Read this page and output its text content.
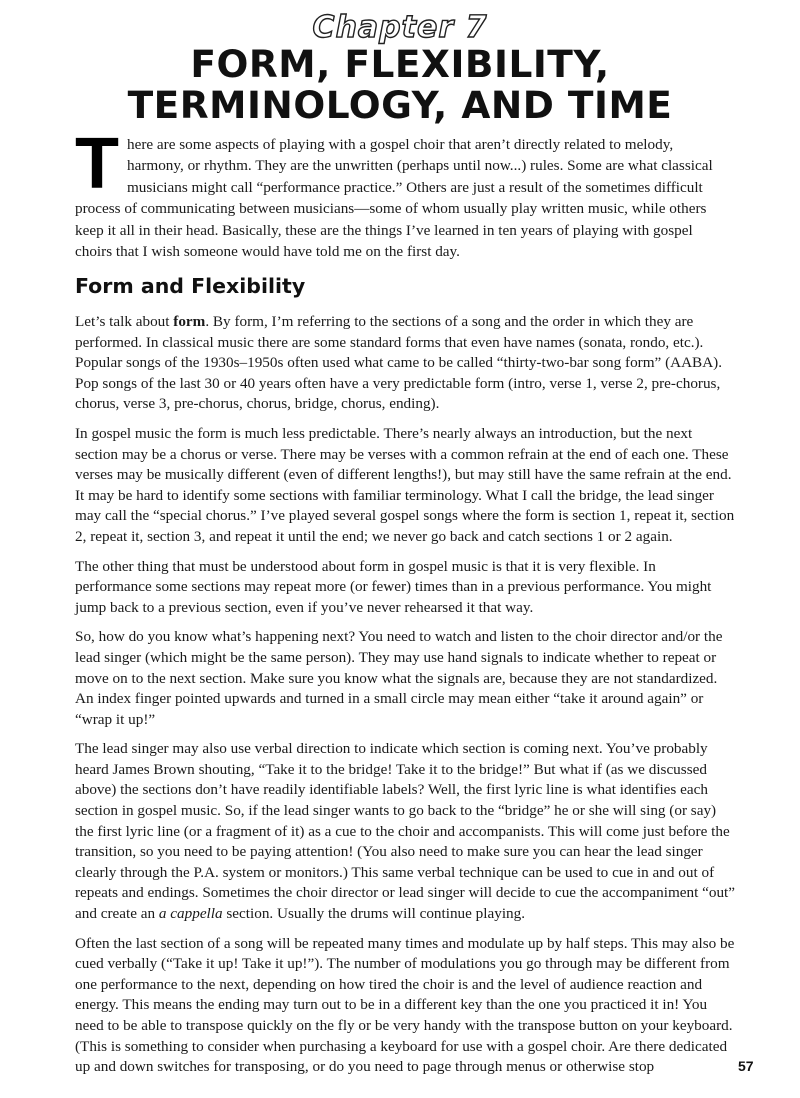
Chapter 7
FORM, FLEXIBILITY,
TERMINOLOGY, AND TIME
There are some aspects of playing with a gospel choir that aren’t directly related to melody, harmony, or rhythm. They are the unwritten (perhaps until now...) rules. Some are what classical musicians might call “performance practice.” Others are just a result of the sometimes difficult process of communicating between musicians—some of whom usually play written music, while others keep it all in their head. Basically, these are the things I’ve learned in ten years of playing with gospel choirs that I wish someone would have told me on the first day.
Form and Flexibility

Let’s talk about form. By form, I’m referring to the sections of a song and the order in which they are performed. In classical music there are some standard forms that even have names (sonata, rondo, etc.). Popular songs of the 1930s–1950s often used what came to be called “thirty-two-bar song form” (AABA). Pop songs of the last 30 or 40 years often have a very predictable form (intro, verse 1, verse 2, pre-chorus, chorus, verse 3, pre-chorus, chorus, bridge, chorus, ending).

In gospel music the form is much less predictable. There’s nearly always an introduction, but the next section may be a chorus or verse. There may be verses with a common refrain at the end of each one. These verses may be musically different (even of different lengths!), but may still have the same refrain at the end. It may be hard to identify some sections with familiar terminology. What I call the bridge, the lead singer may call the “special chorus.” I’ve played several gospel songs where the form is section 1, repeat it, section 2, repeat it, section 3, and repeat it until the end; we never go back and catch sections 1 or 2 again.

The other thing that must be understood about form in gospel music is that it is very flexible. In performance some sections may repeat more (or fewer) times than in a previous performance. You might jump back to a previous section, even if you’ve never rehearsed it that way.

So, how do you know what’s happening next? You need to watch and listen to the choir director and/or the lead singer (which might be the same person). They may use hand signals to indicate whether to repeat or move on to the next section. Make sure you know what the signals are, because they are not standardized. An index finger pointed upwards and turned in a small circle may mean either “take it around again” or “wrap it up!”

The lead singer may also use verbal direction to indicate which section is coming next. You’ve probably heard James Brown shouting, “Take it to the bridge! Take it to the bridge!” But what if (as we discussed above) the sections don’t have readily identifiable labels? Well, the first lyric line is what identifies each section in gospel music. So, if the lead singer wants to go back to the “bridge” he or she will sing (or say) the first lyric line (or a fragment of it) as a cue to the choir and accompanists. This will come just before the transition, so you need to be paying attention! (You also need to make sure you can hear the lead singer clearly through the P.A. system or monitors.) This same verbal technique can be used to cue in and out of repeats and endings. Sometimes the choir director or lead singer will decide to cue the accompaniment “out” and create an a cappella section. Usually the drums will continue playing.

Often the last section of a song will be repeated many times and modulate up by half steps. This may also be cued verbally (“Take it up! Take it up!”). The number of modulations you go through may be different from one performance to the next, depending on how tired the choir is and the level of audience reaction and energy. This means the ending may turn out to be in a different key than the one you practiced it in! You need to be able to transpose quickly on the fly or be very handy with the transpose button on your keyboard. (This is something to consider when purchasing a keyboard for use with a gospel choir. Are there dedicated up and down switches for transposing, or do you need to page through menus or otherwise stop	57
